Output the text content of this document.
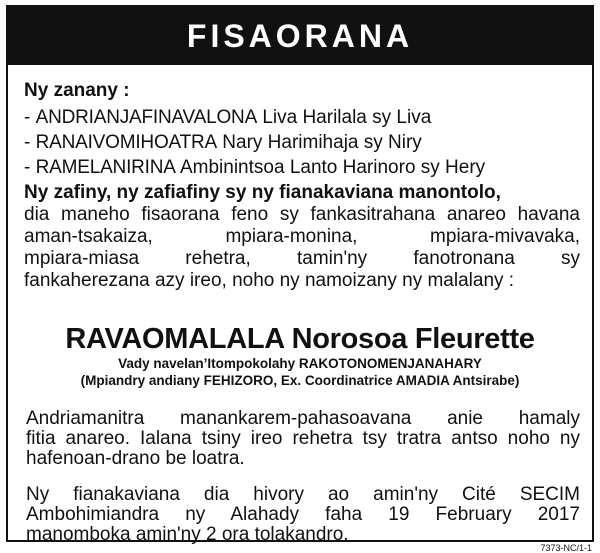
FISAORANA
Ny zanany :
- ANDRIANJAFINAVALONA Liva Harilala sy Liva
- RANAIVOMIHOATRA Nary Harimihaja sy Niry
- RAMELANIRINA Ambinintsoa Lanto Harinoro sy Hery
Ny zafiny, ny zafiafiny sy ny fianakaviana manontolo,
dia maneho fisaorana feno sy fankasitrahana anareo havana
aman-tsakaiza, mpiara-monina, mpiara-mivavaka,
mpiara-miasa rehetra, tamin'ny fanotronana sy
fankaherezana azy ireo, noho ny namoizany ny malalany :
RAVAOMALALA Norosoa Fleurette
Vady navelan’Itompokolahy RAKOTONOMENJANAHARY
(Mpiandry andiany FEHIZORO, Ex. Coordinatrice AMADIA Antsirabe)
Andriamanitra manankarem-pahasoavana anie hamaly
fitia anareo. Ialana tsiny ireo rehetra tsy tratra antso noho ny
hafenoan-drano be loatra.
Ny fianakaviana dia hivory ao amin'ny Cité SECIM
Ambohimiandra ny Alahady faha 19 February 2017
manomboka amin'ny 2 ora tolakandro.
7373-NC/1-1
